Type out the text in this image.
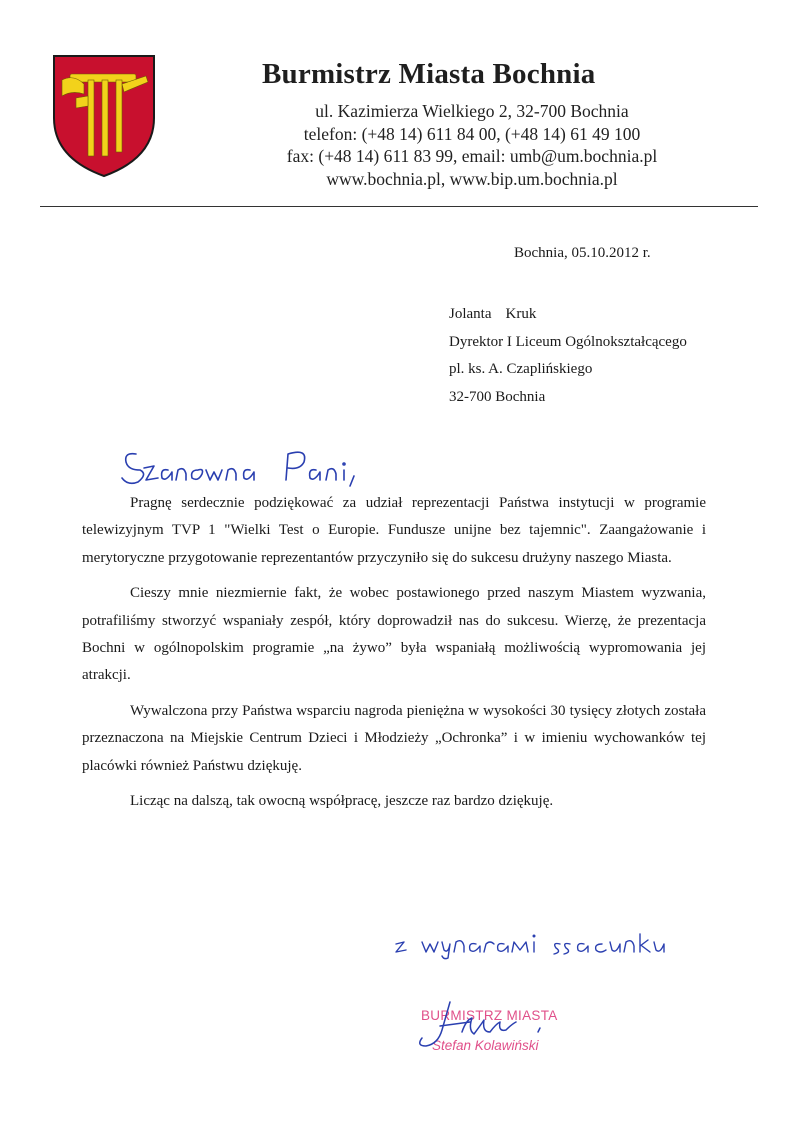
Burmistrz Miasta Bochnia
ul. Kazimierza Wielkiego 2, 32-700 Bochnia
telefon: (+48 14) 611 84 00, (+48 14) 61 49 100
fax: (+48 14) 611 83 99, email: umb@um.bochnia.pl
www.bochnia.pl, www.bip.um.bochnia.pl
Bochnia, 05.10.2012 r.
Jolanta Kruk
Dyrektor I Liceum Ogólnokształcącego
pl. ks. A. Czaplińskiego
32-700 Bochnia

Pragnę serdecznie podziękować za udział reprezentacji Państwa instytucji w programie telewizyjnym TVP 1 "Wielki Test o Europie. Fundusze unijne bez tajemnic". Zaangażowanie i merytoryczne przygotowanie reprezentantów przyczyniło się do sukcesu drużyny naszego Miasta.

Cieszy mnie niezmiernie fakt, że wobec postawionego przed naszym Miastem wyzwania, potrafiliśmy stworzyć wspaniały zespół, który doprowadził nas do sukcesu. Wierzę, że prezentacja Bochni w ogólnopolskim programie „na żywo” była wspaniałą możliwością wypromowania jej atrakcji.

Wywalczona przy Państwa wsparciu nagroda pieniężna w wysokości 30 tysięcy złotych została przeznaczona na Miejskie Centrum Dzieci i Młodzieży „Ochronka” i w imieniu wychowanków tej placówki również Państwu dziękuję.

Licząc na dalszą, tak owocną współpracę, jeszcze raz bardzo dziękuję.

BURMISTRZ MIASTA
Stefan Kolawiński
